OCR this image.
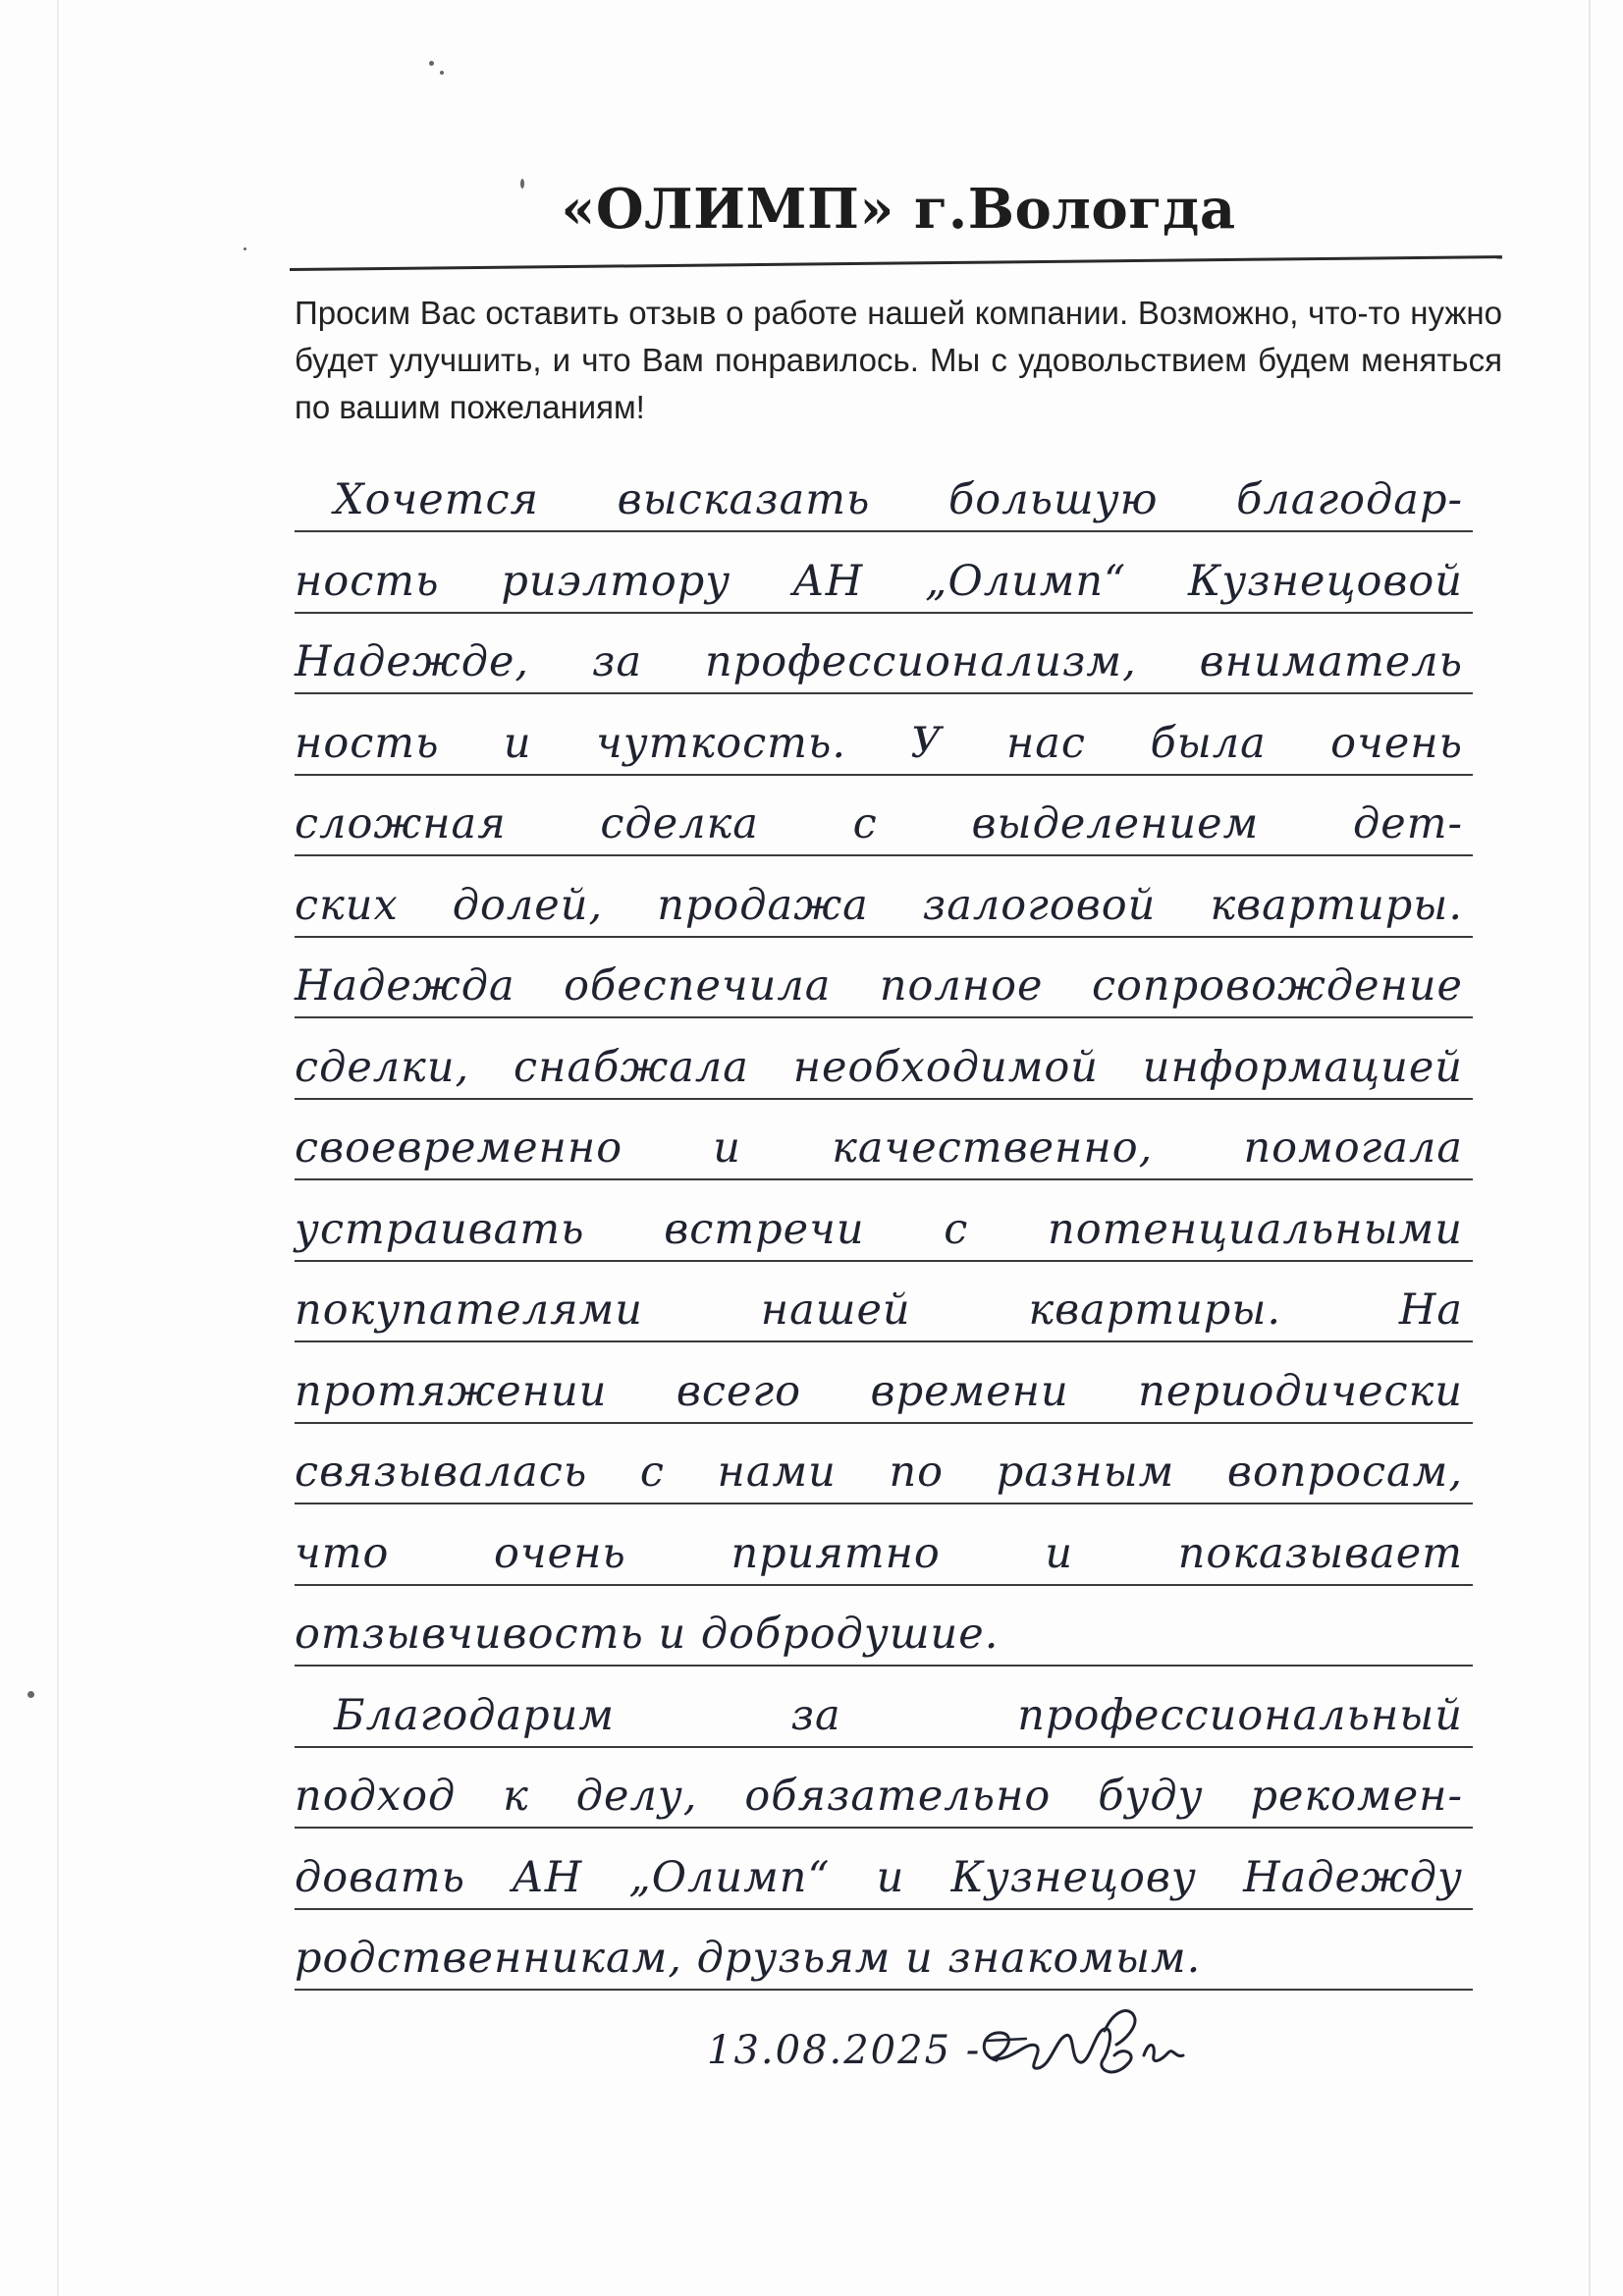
«ОЛИМП» г.Вологда
Просим Вас оставить отзыв о работе нашей компании. Возможно, что-то нужно будет улучшить, и что Вам понравилось. Мы с удовольствием будем меняться по вашим пожеланиям!
Хочется высказать большую благодар-
ность риэлтору АН „Олимп“ Кузнецовой
Надежде, за профессионализм, вниматель
ность и чуткость. У нас была очень
сложная сделка с выделением дет-
ских долей, продажа залоговой квартиры.
Надежда обеспечила полное сопровождение
сделки, снабжала необходимой информацией
своевременно и качественно, помогала
устраивать встречи с потенциальными
покупателями нашей квартиры. На
протяжении всего времени периодически
связывалась с нами по разным вопросам,
что очень приятно и показывает
отзывчивость и добродушие.
Благодарим за профессиональный
подход к делу, обязательно буду рекомен-
довать АН „Олимп“ и Кузнецову Надежду
родственникам, друзьям и знакомым.
13.08.2025 -
